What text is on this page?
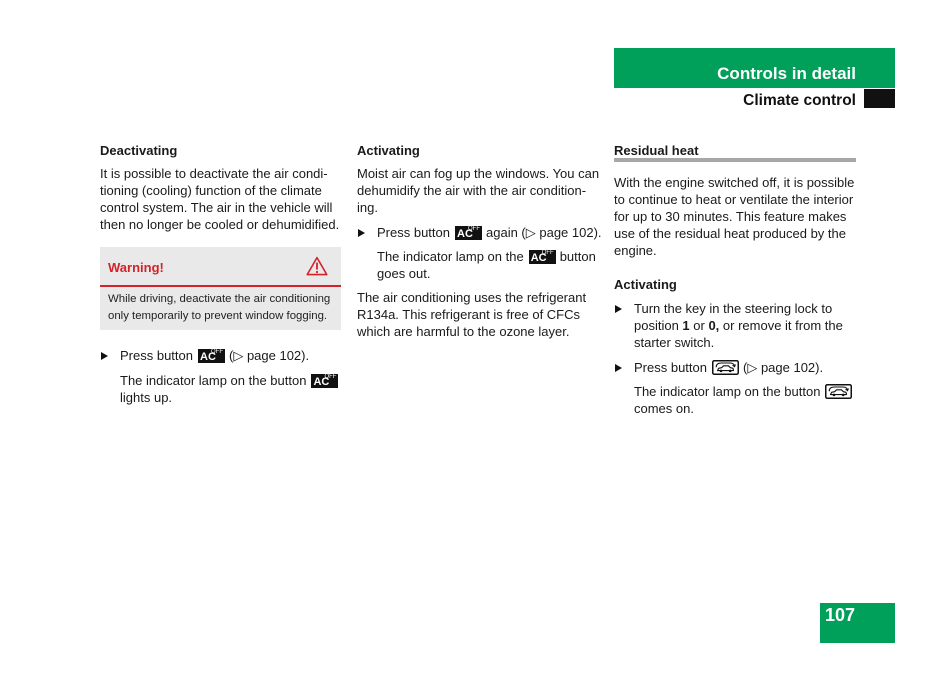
Controls in detail
Climate control
Deactivating
It is possible to deactivate the air condi-
tioning (cooling) function of the climate
control system. The air in the vehicle will
then no longer be cooled or dehumidified.
Warning!
While driving, deactivate the air conditioning
only temporarily to prevent window fogging.
Press button AC
OFF (▷ page 102).
The indicator lamp on the button AC
OFF
lights up.
Activating
Moist air can fog up the windows. You can
dehumidify the air with the air condition-
ing.
Press button AC
OFF again (▷ page 102).
The indicator lamp on the AC
OFF button
goes out.
The air conditioning uses the refrigerant
R134a. This refrigerant is free of CFCs
which are harmful to the ozone layer.
Residual heat
With the engine switched off, it is possible
to continue to heat or ventilate the interior
for up to 30 minutes. This feature makes
use of the residual heat produced by the
engine.
Activating
Turn the key in the steering lock to
position 1 or 0, or remove it from the
starter switch.
Press button	(▷ page 102).
The indicator lamp on the button
comes on.
107
